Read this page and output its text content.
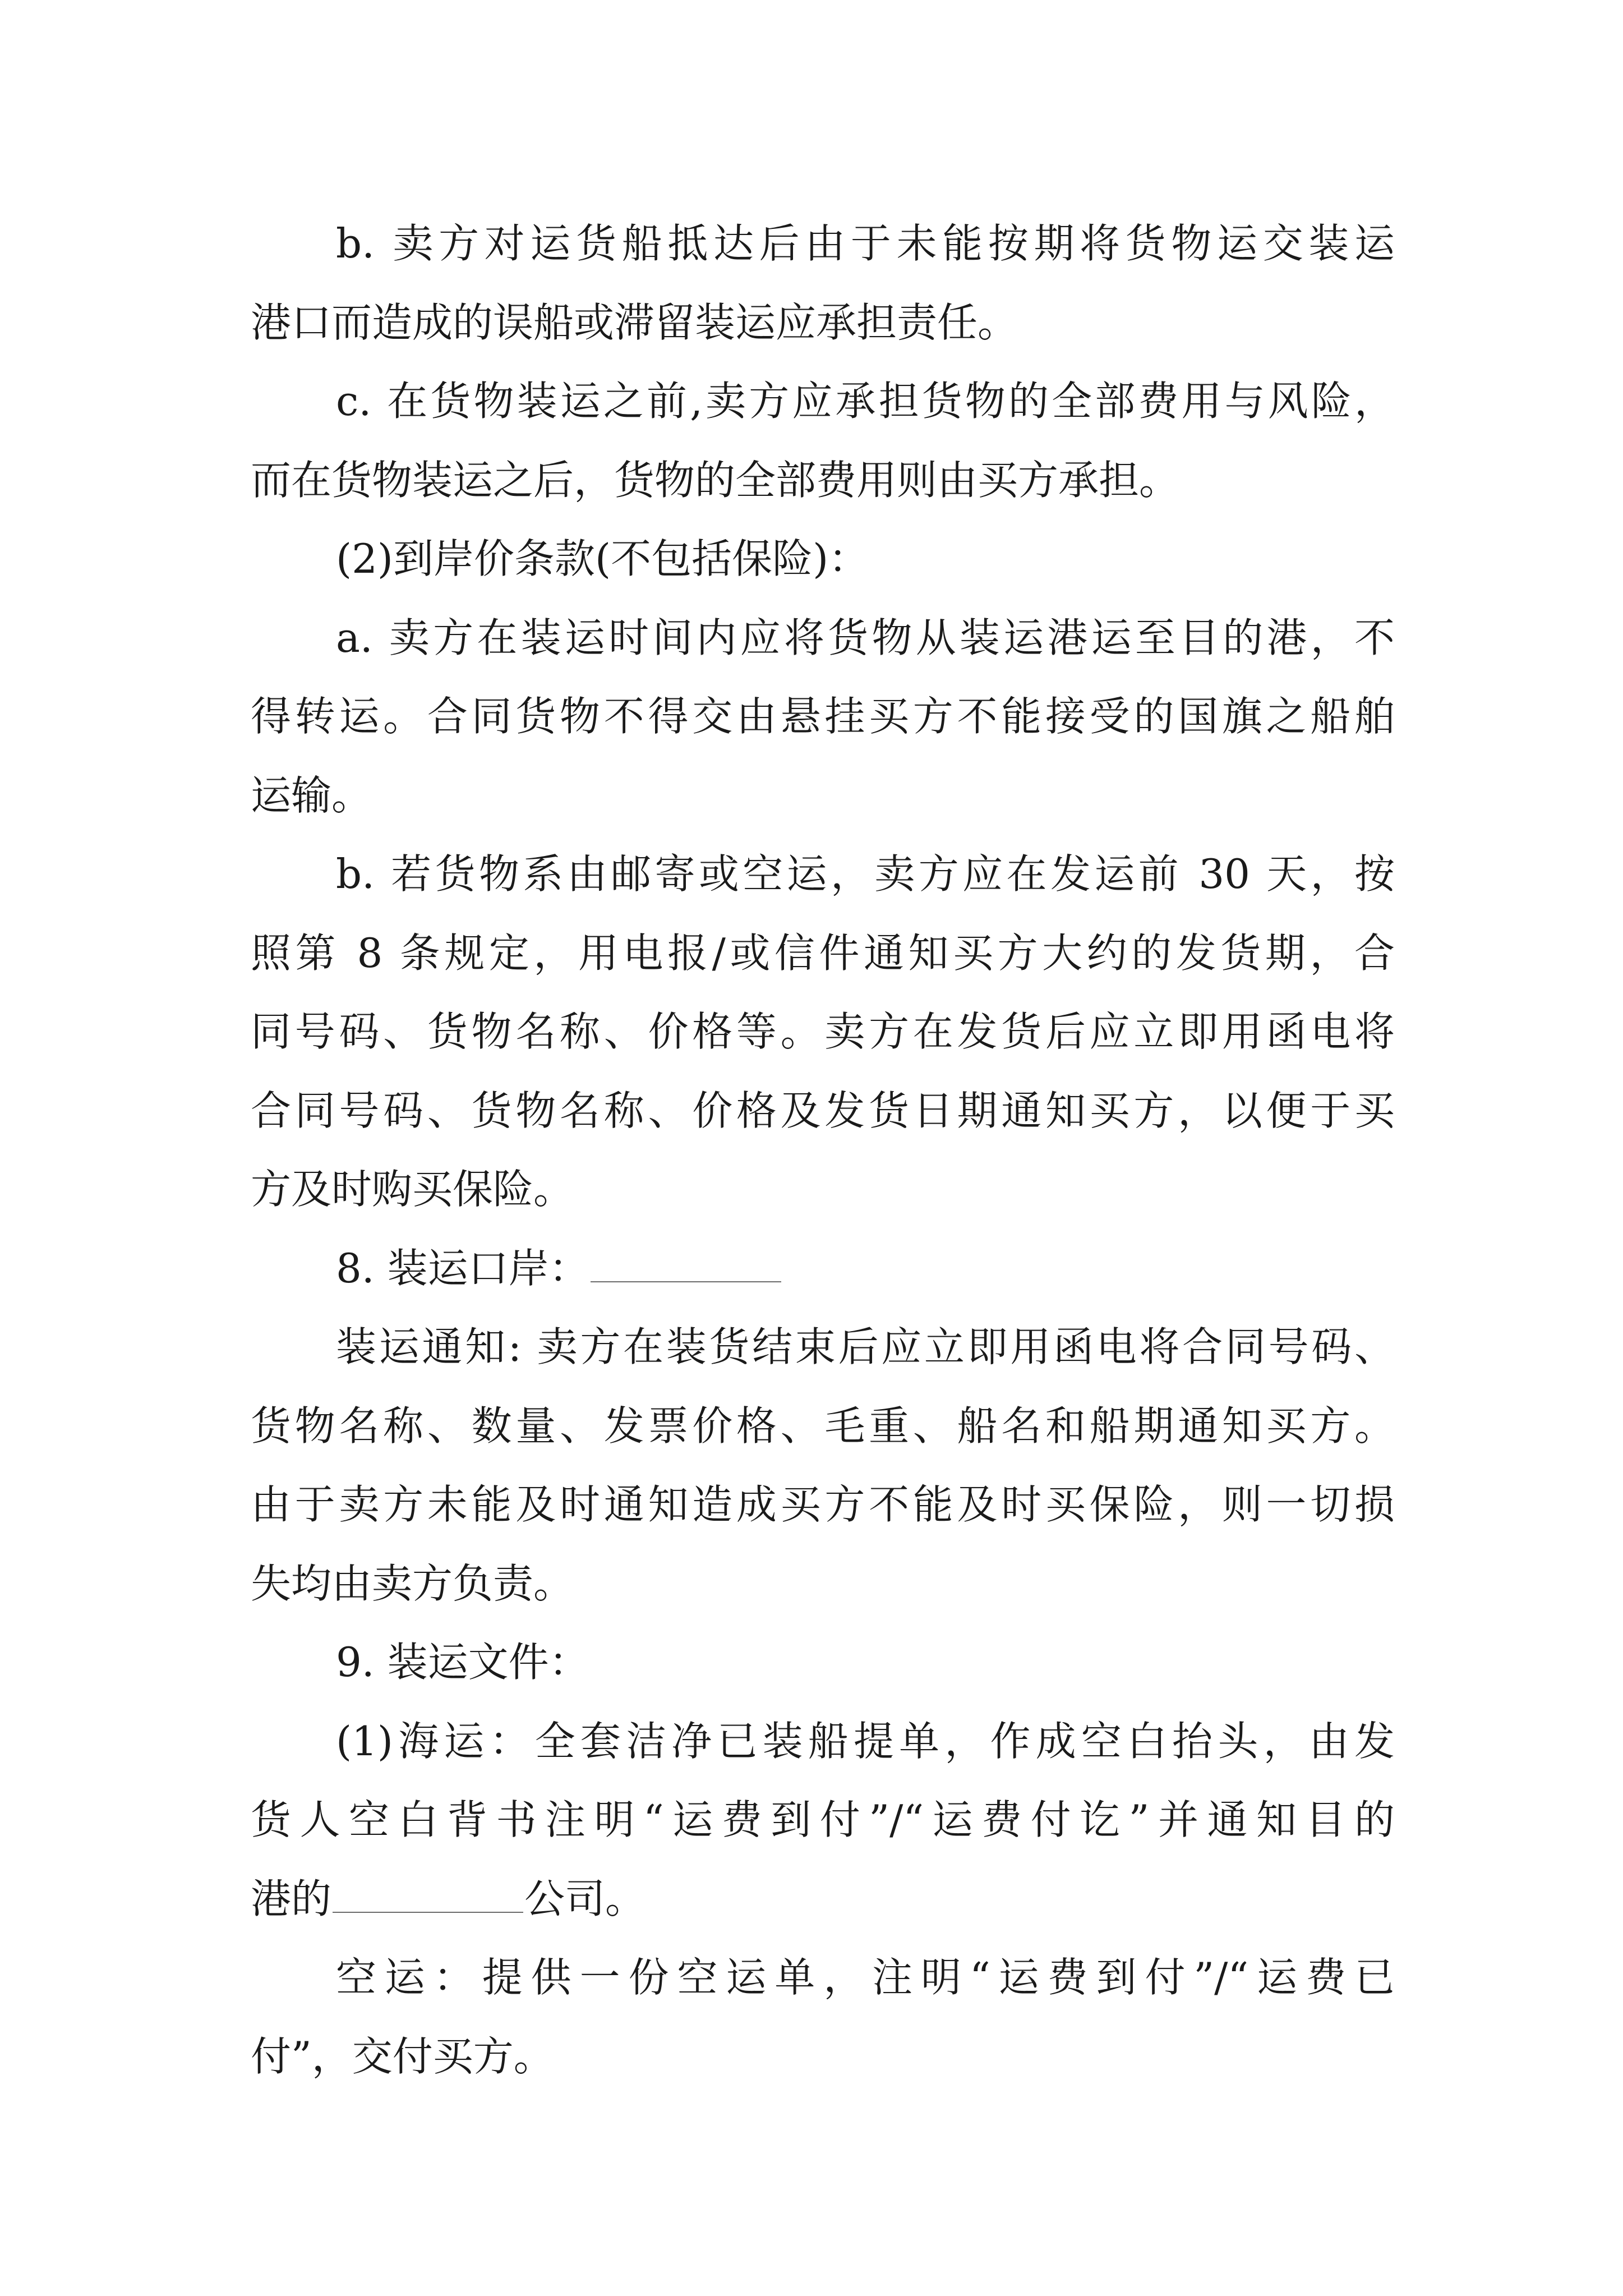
b. 卖方对运货船抵达后由于未能按期将货物运交装运
港口而造成的误船或滞留装运应承担责任。
c. 在货物装运之前,卖方应承担货物的全部费用与风险，
而在货物装运之后，货物的全部费用则由买方承担。
(2)到岸价条款(不包括保险)：
a. 卖方在装运时间内应将货物从装运港运至目的港，不
得转运。合同货物不得交由悬挂买方不能接受的国旗之船舶
运输。
b. 若货物系由邮寄或空运，卖方应在发运前 30 天，按
照第 8 条规定，用电报/或信件通知买方大约的发货期，合
同号码、货物名称、价格等。卖方在发货后应立即用函电将
合同号码、货物名称、价格及发货日期通知买方，以便于买
方及时购买保险。
8. 装运口岸：
装运通知: 卖方在装货结束后应立即用函电将合同号码、
货物名称、数量、发票价格、毛重、船名和船期通知买方。
由于卖方未能及时通知造成买方不能及时买保险，则一切损
失均由卖方负责。
9. 装运文件：
(1)海运：全套洁净已装船提单，作成空白抬头，由发
货人空白背书注明“运费到付”/“运费付讫”并通知目的
港的	公司。
空运：提供一份空运单，注明“运费到付”/“运费已
付”，交付买方。
